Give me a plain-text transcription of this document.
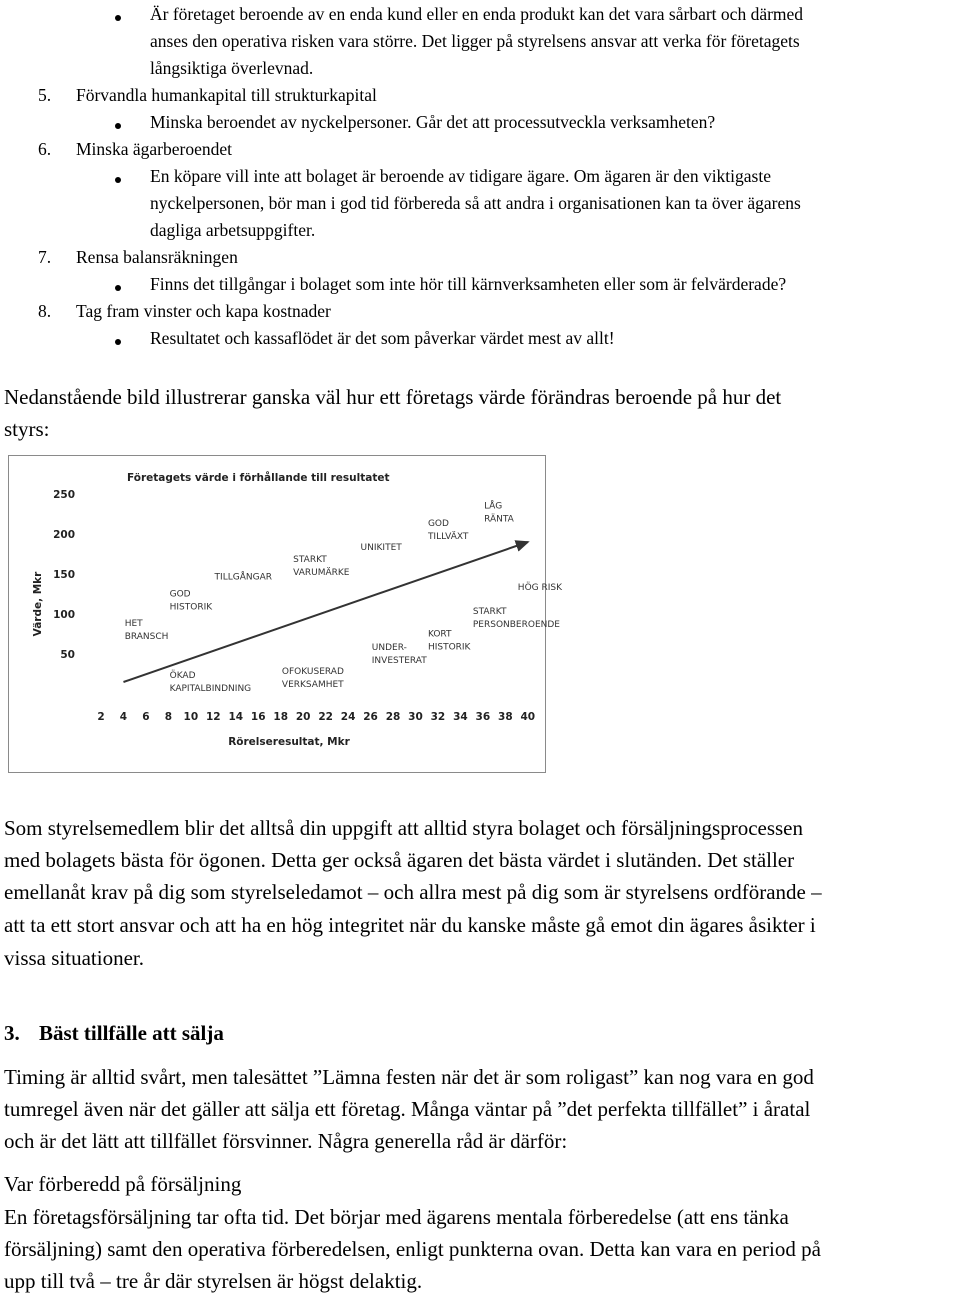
Är företaget beroende av en enda kund eller en enda produkt kan det vara sårbart och därmed
anses den operativa risken vara större. Det ligger på styrelsens ansvar att verka för företagets
långsiktiga överlevnad.
5. Förvandla humankapital till strukturkapital
Minska beroendet av nyckelpersoner. Går det att processutveckla verksamheten?
6. Minska ägarberoendet
En köpare vill inte att bolaget är beroende av tidigare ägare. Om ägaren är den viktigaste
nyckelpersonen, bör man i god tid förbereda så att andra i organisationen kan ta över ägarens
dagliga arbetsuppgifter.
7. Rensa balansräkningen
Finns det tillgångar i bolaget som inte hör till kärnverksamheten eller som är felvärderade?
8. Tag fram vinster och kapa kostnader
Resultatet och kassaflödet är det som påverkar värdet mest av allt!
Nedanstående bild illustrerar ganska väl hur ett företags värde förändras beroende på hur det
styrs:
Företagets värde i förhållande till resultatet
50
100
150
200
250
2 4 6 8 10 12 14 16 18 20 22 24 26 28 30 32 34 36 38 40
Rörelseresultat, Mkr
Värde, Mkr	HET
BRANSCH
GOD
HISTORIK
TILLGÅNGAR
STARKT
VARUMÄRKE
UNIKITET
GOD
TILLVÄXT
LÅG
RÄNTA
ÖKAD
KAPITALBINDNING
OFOKUSERAD
VERKSAMHET
UNDER-
INVESTERAT
KORT
HISTORIK
STARKT
PERSONBEROENDE
HÖG RISK
Som styrelsemedlem blir det alltså din uppgift att alltid styra bolaget och försäljningsprocessen
med bolagets bästa för ögonen. Detta ger också ägaren det bästa värdet i slutänden. Det ställer
emellanåt krav på dig som styrelseledamot – och allra mest på dig som är styrelsens ordförande –
att ta ett stort ansvar och att ha en hög integritet när du kanske måste gå emot din ägares åsikter i
vissa situationer.
3. Bäst tillfälle att sälja
Timing är alltid svårt, men talesättet ”Lämna festen när det är som roligast” kan nog vara en god
tumregel även när det gäller att sälja ett företag. Många väntar på ”det perfekta tillfället” i åratal
och är det lätt att tillfället försvinner. Några generella råd är därför:
Var förberedd på försäljning
En företagsförsäljning tar ofta tid. Det börjar med ägarens mentala förberedelse (att ens tänka
försäljning) samt den operativa förberedelsen, enligt punkterna ovan. Detta kan vara en period på
upp till två – tre år där styrelsen är högst delaktig.
